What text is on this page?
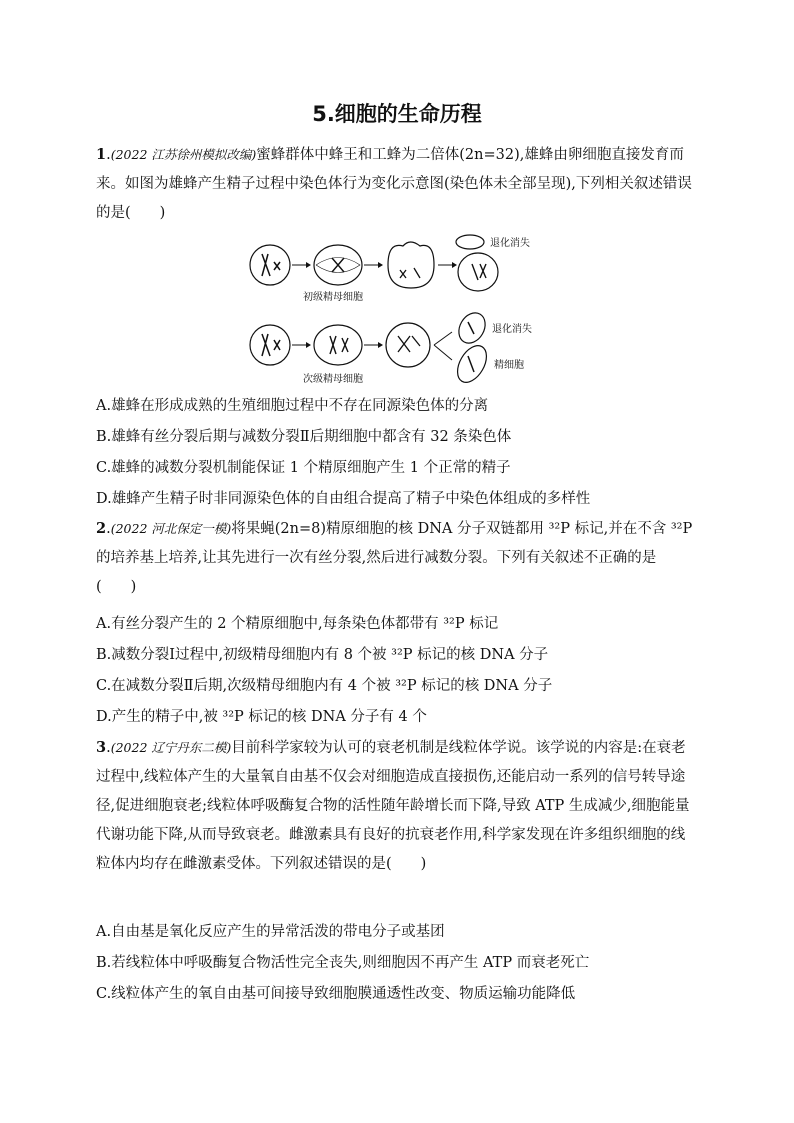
5.细胞的生命历程
1.(2022 江苏徐州模拟改编)蜜蜂群体中蜂王和工蜂为二倍体(2n=32),雄蜂由卵细胞直接发育而来。如图为雄蜂产生精子过程中染色体行为变化示意图(染色体未全部呈现),下列相关叙述错误的是(　　)
退化消失
初级精母细胞
退化消失
精细胞
次级精母细胞
A.雄蜂在形成成熟的生殖细胞过程中不存在同源染色体的分离
B.雄蜂有丝分裂后期与减数分裂Ⅱ后期细胞中都含有 32 条染色体
C.雄蜂的减数分裂机制能保证 1 个精原细胞产生 1 个正常的精子
D.雄蜂产生精子时非同源染色体的自由组合提高了精子中染色体组成的多样性
2.(2022 河北保定一模)将果蝇(2n=8)精原细胞的核 DNA 分子双链都用 ³²P 标记,并在不含 ³²P 的培养基上培养,让其先进行一次有丝分裂,然后进行减数分裂。下列有关叙述不正确的是(　　)
A.有丝分裂产生的 2 个精原细胞中,每条染色体都带有 ³²P 标记
B.减数分裂Ⅰ过程中,初级精母细胞内有 8 个被 ³²P 标记的核 DNA 分子
C.在减数分裂Ⅱ后期,次级精母细胞内有 4 个被 ³²P 标记的核 DNA 分子
D.产生的精子中,被 ³²P 标记的核 DNA 分子有 4 个
3.(2022 辽宁丹东二模)目前科学家较为认可的衰老机制是线粒体学说。该学说的内容是:在衰老过程中,线粒体产生的大量氧自由基不仅会对细胞造成直接损伤,还能启动一系列的信号转导途径,促进细胞衰老;线粒体呼吸酶复合物的活性随年龄增长而下降,导致 ATP 生成减少,细胞能量代谢功能下降,从而导致衰老。雌激素具有良好的抗衰老作用,科学家发现在许多组织细胞的线粒体内均存在雌激素受体。下列叙述错误的是(　　)
A.自由基是氧化反应产生的异常活泼的带电分子或基团
B.若线粒体中呼吸酶复合物活性完全丧失,则细胞因不再产生 ATP 而衰老死亡
C.线粒体产生的氧自由基可间接导致细胞膜通透性改变、物质运输功能降低
